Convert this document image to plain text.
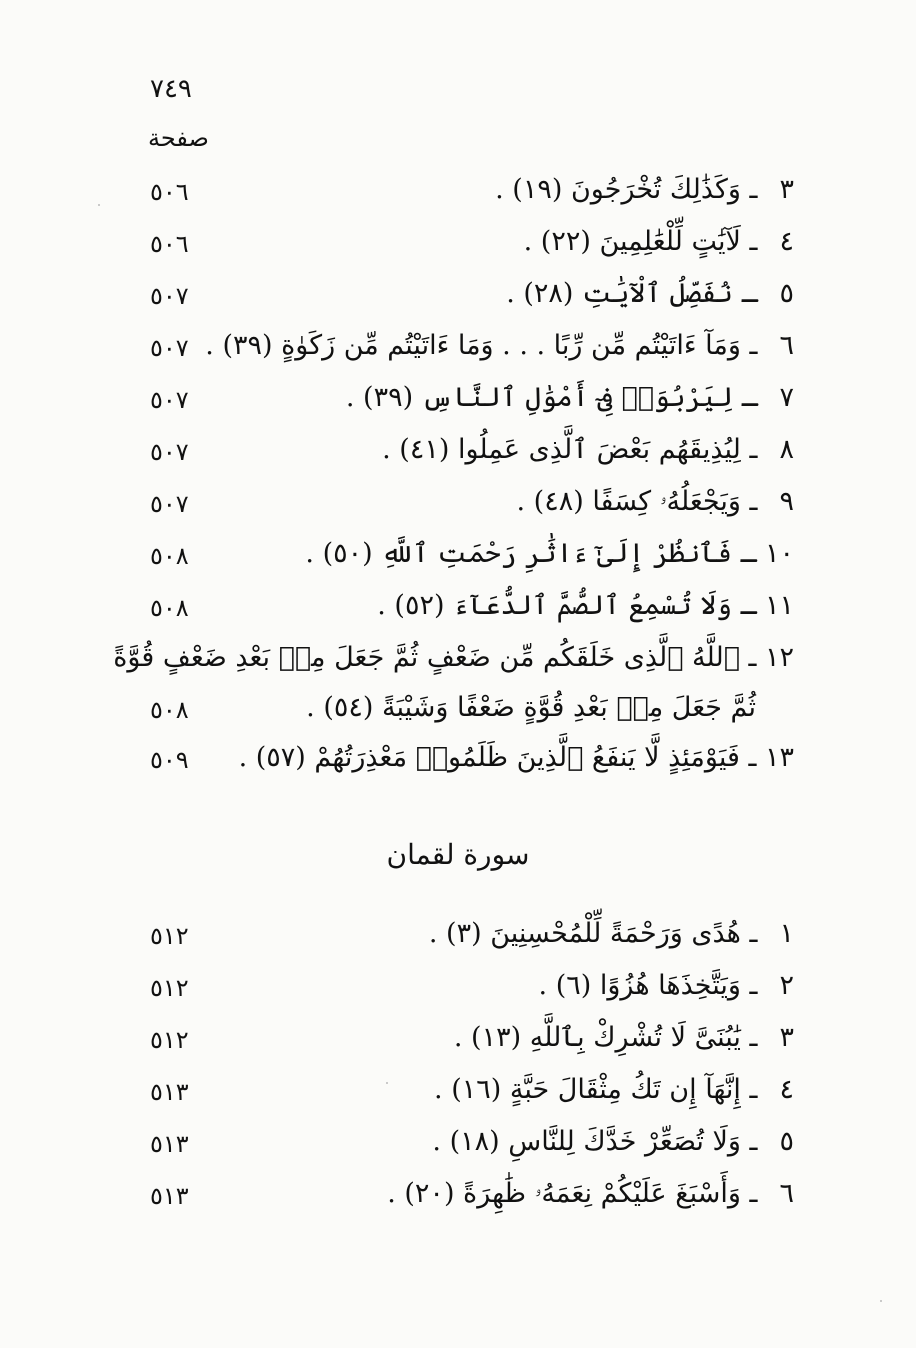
٧٤٩
صفحة
٥٠٦	٣ ـ وَكَذَٰلِكَ تُخْرَجُونَ (١٩) .
٥٠٦	٤ ـ لَآيَٰتٍ لِّلْعَٰلِمِينَ (٢٢) .
٥٠٧	٥ ـ نُفَصِّلُ ٱلْآيَٰتِ (٢٨) .
٥٠٧	٦ ـ وَمَآ ءَاتَيْتُم مِّن رِّبًا . . . وَمَا ءَاتَيْتُم مِّن زَكَوٰةٍ (٣٩) .
٥٠٧	٧ ـ لِيَرْبُوَا۟ فِىٓ أَمْوَٰلِ ٱلنَّاسِ (٣٩) .
٥٠٧	٨ ـ لِيُذِيقَهُم بَعْضَ ٱلَّذِى عَمِلُوا (٤١) .
٥٠٧	٩ ـ وَيَجْعَلُهُۥ كِسَفًا (٤٨) .
٥٠٨	١٠ ـ فَٱنظُرْ إِلَىٰٓ ءَاثَٰرِ رَحْمَتِ ٱللَّهِ (٥٠) .
٥٠٨	١١ ـ وَلَا تُسْمِعُ ٱلصُّمَّ ٱلدُّعَآءَ (٥٢) .
١٢ ـ ٱللَّهُ ٱلَّذِى خَلَقَكُم مِّن ضَعْفٍ ثُمَّ جَعَلَ مِنۢ بَعْدِ ضَعْفٍ قُوَّةً
٥٠٨	ثُمَّ جَعَلَ مِنۢ بَعْدِ قُوَّةٍ ضَعْفًا وَشَيْبَةً (٥٤) .
٥٠٩	١٣ ـ فَيَوْمَئِذٍ لَّا يَنفَعُ ٱلَّذِينَ ظَلَمُوا۟ مَعْذِرَتُهُمْ (٥٧) .
سورة لقمان
٥١٢	١ ـ هُدًى وَرَحْمَةً لِّلْمُحْسِنِينَ (٣) .
٥١٢	٢ ـ وَيَتَّخِذَهَا هُزُوًا (٦) .
٥١٢	٣ ـ يَٰبُنَىَّ لَا تُشْرِكْ بِٱللَّهِ (١٣) .
٥١٣	٤ ـ إِنَّهَآ إِن تَكُ مِثْقَالَ حَبَّةٍ (١٦) .
٥١٣	٥ ـ وَلَا تُصَعِّرْ خَدَّكَ لِلنَّاسِ (١٨) .
٥١٣	٦ ـ وَأَسْبَغَ عَلَيْكُمْ نِعَمَهُۥ ظَٰهِرَةً (٢٠) .
